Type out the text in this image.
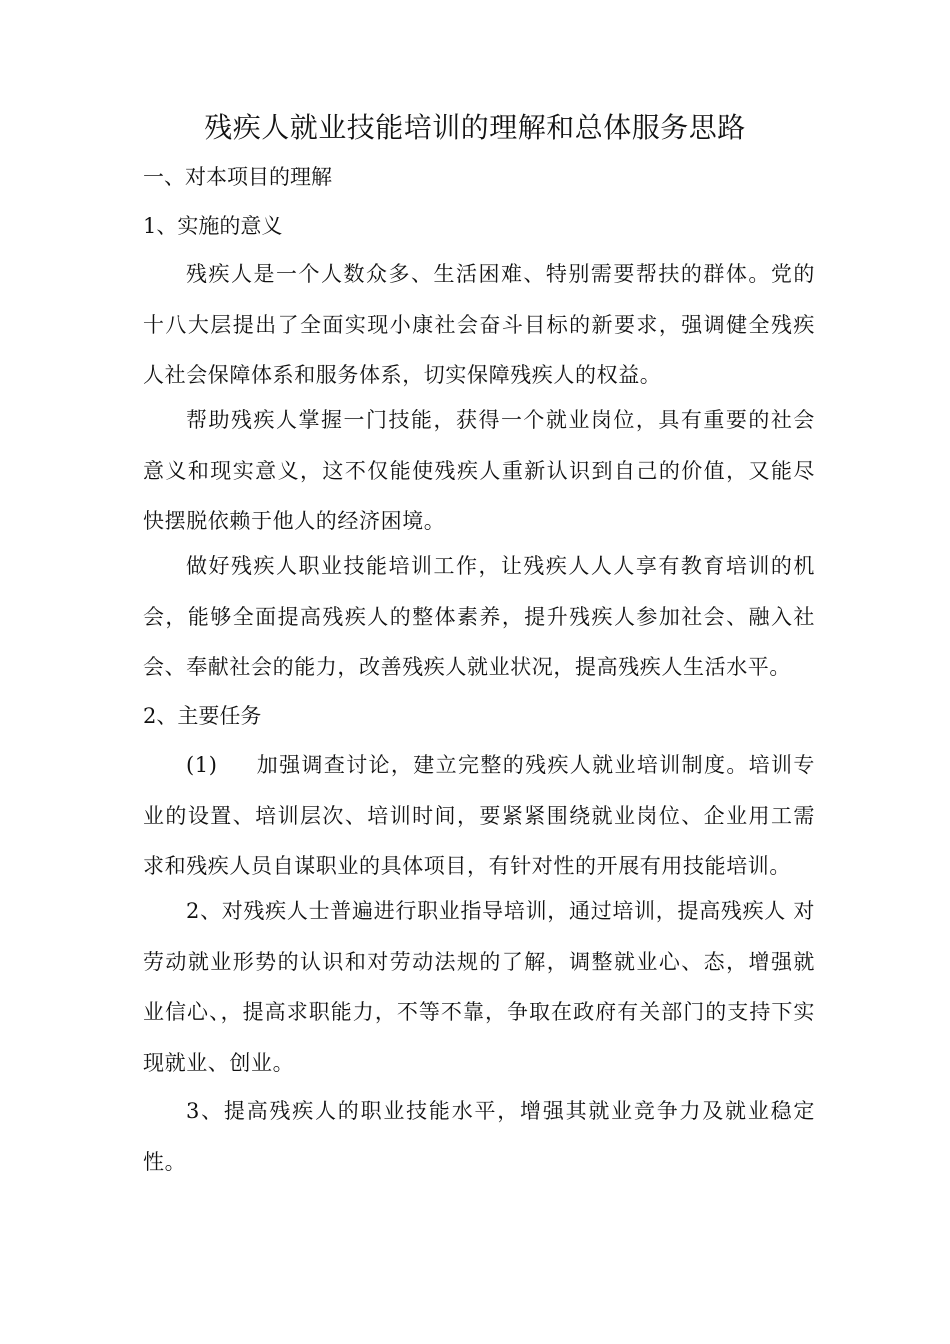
残疾人就业技能培训的理解和总体服务思路
一、对本项目的理解
1、实施的意义
残疾人是一个人数众多、生活困难、特别需要帮扶的群体。党的 十八大层提出了全面实现小康社会奋斗目标的新要求，强调健全残疾 人社会保障体系和服务体系，切实保障残疾人的权益。
帮助残疾人掌握一门技能，获得一个就业岗位，具有重要的社会 意义和现实意义，这不仅能使残疾人重新认识到自己的价值，又能尽 快摆脱依赖于他人的经济困境。
做好残疾人职业技能培训工作，让残疾人人人享有教育培训的机会，能够全面提高残疾人的整体素养，提升残疾人参加社会、融入社会、奉献社会的能力，改善残疾人就业状况，提高残疾人生活水平。
2、主要任务
(1) 加强调查讨论，建立完整的残疾人就业培训制度。培训专业的设置、培训层次、培训时间，要紧紧围绕就业岗位、企业用工需 求和残疾人员自谋职业的具体项目，有针对性的开展有用技能培训。
2、对残疾人士普遍进行职业指导培训，通过培训，提高残疾人 对劳动就业形势的认识和对劳动法规的了解，调整就业心、态，增强就 业信心、，提高求职能力，不等不靠，争取在政府有关部门的支持下实 现就业、创业。
3、提高残疾人的职业技能水平，增强其就业竞争力及就业稳定性。
